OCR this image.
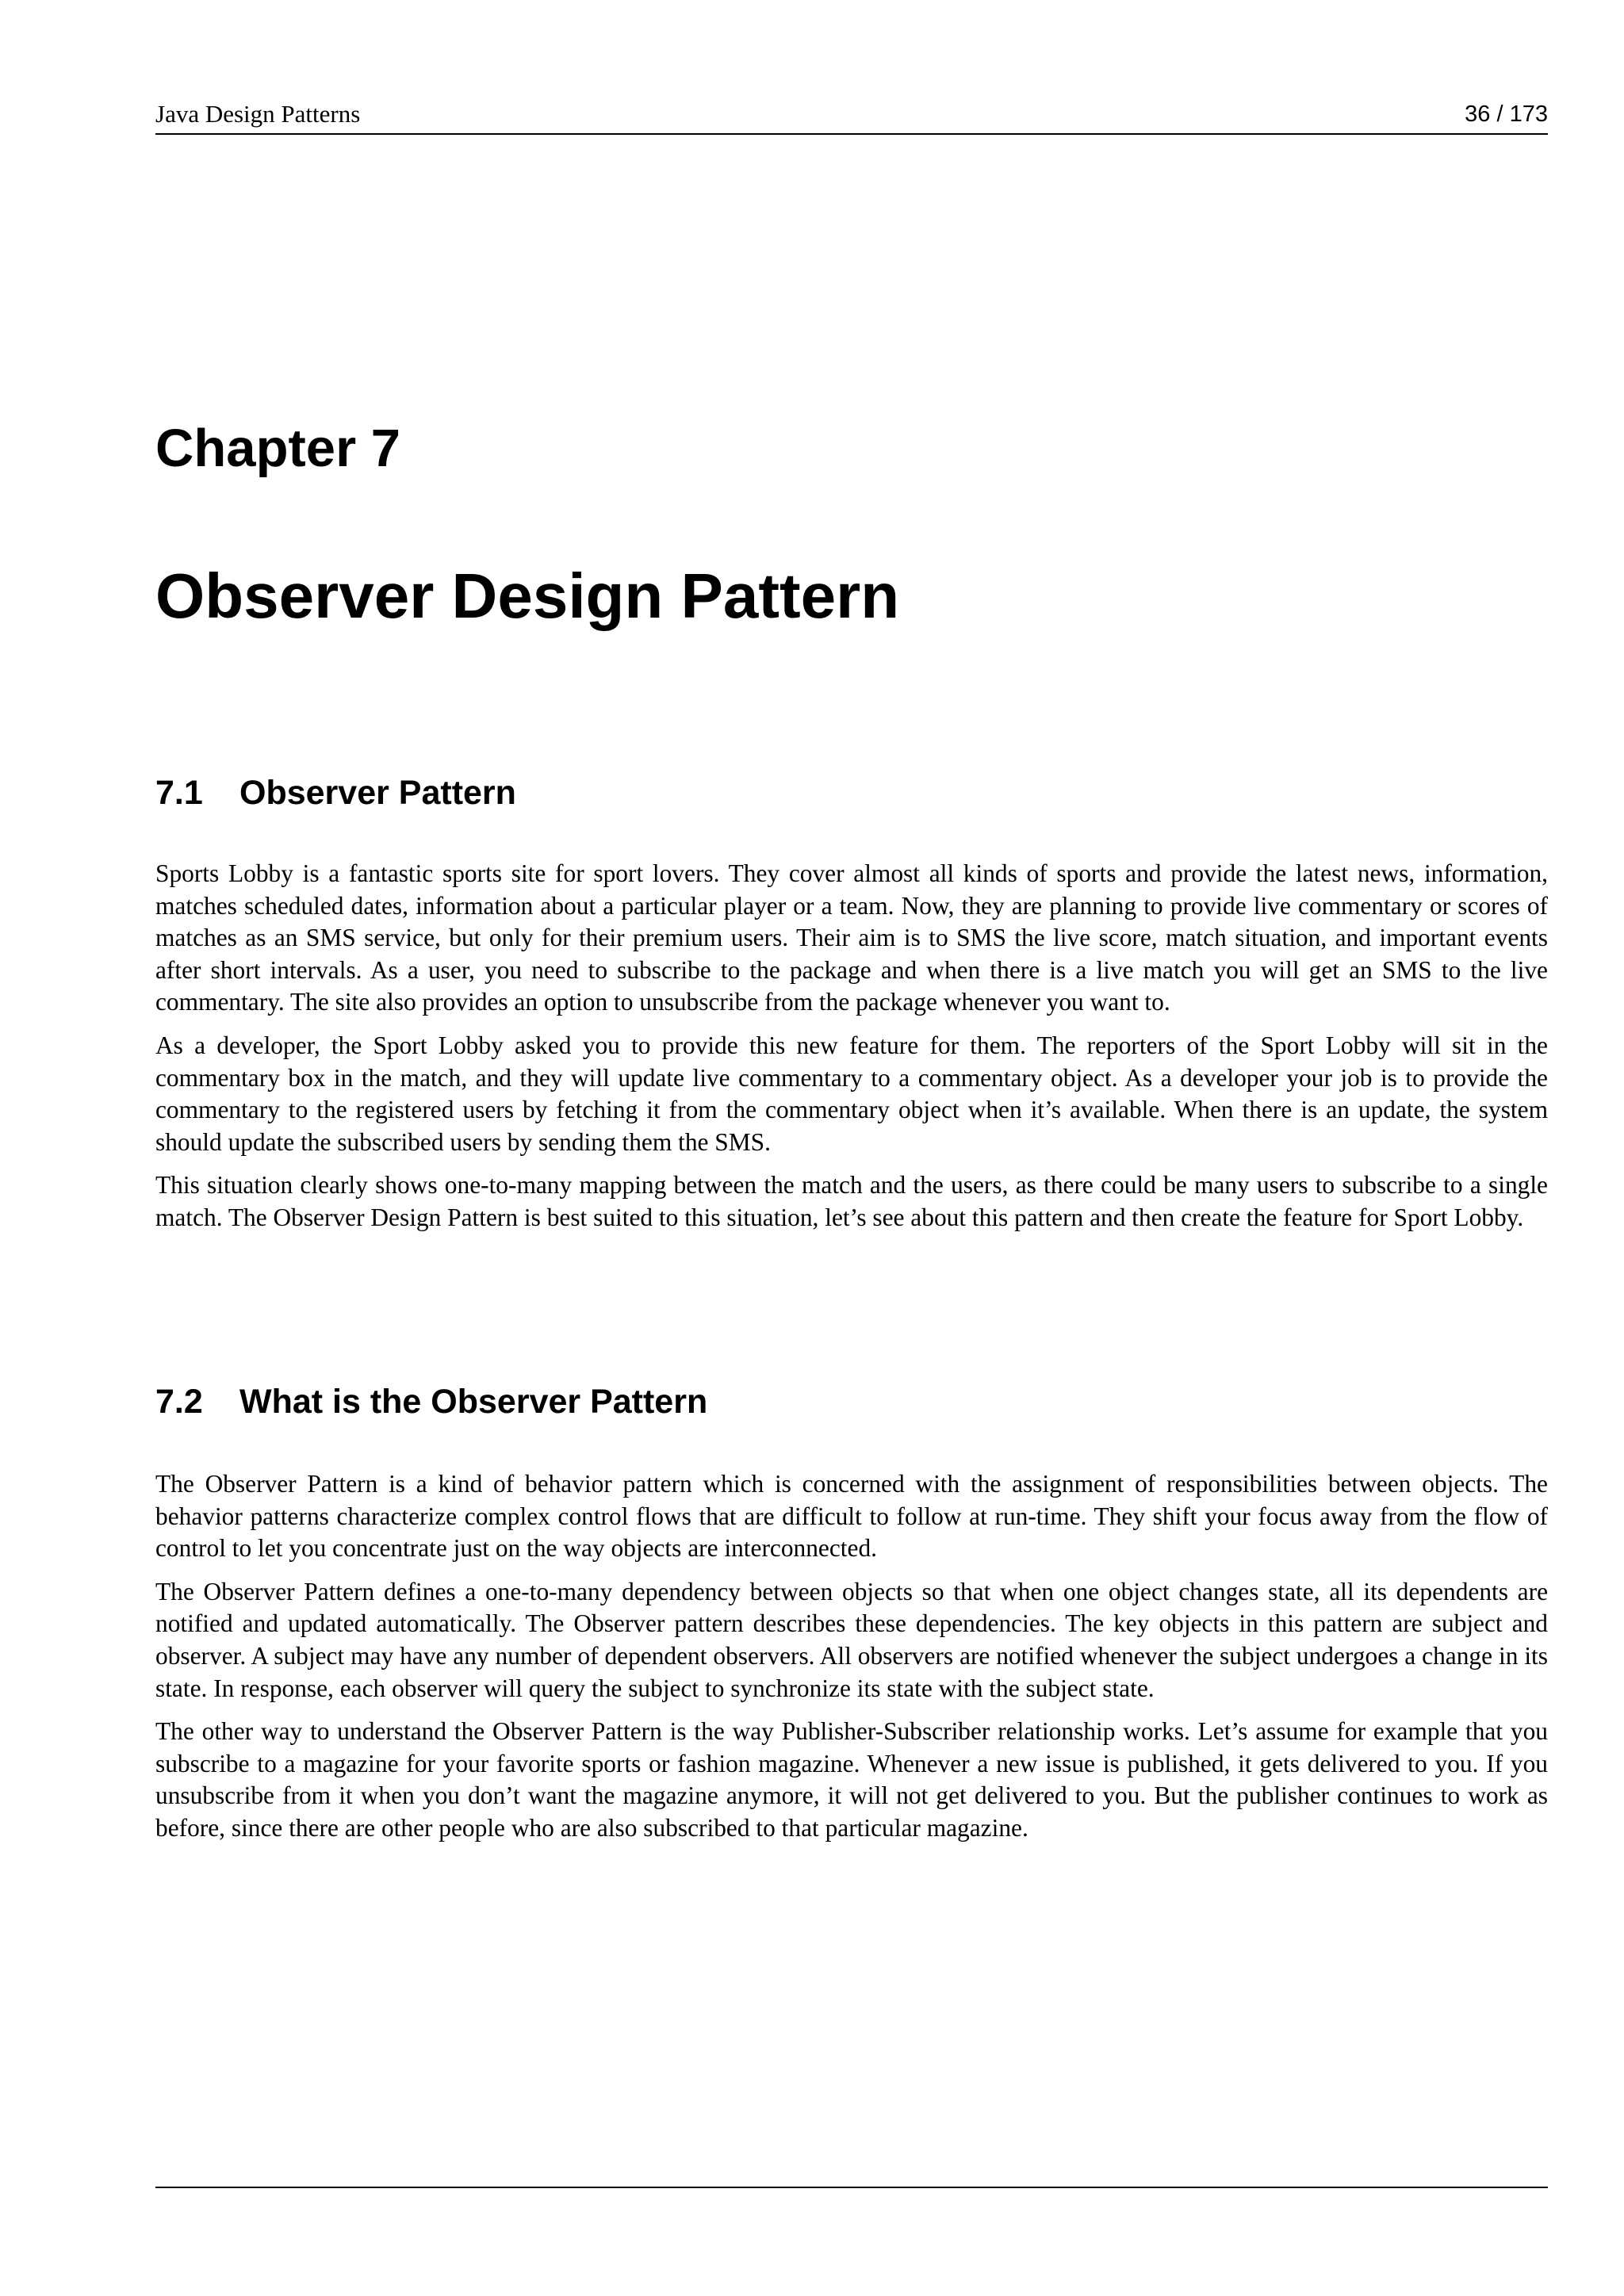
Java Design Patterns	36 / 173
Chapter 7
Observer Design Pattern
7.1 Observer Pattern

Sports Lobby is a fantastic sports site for sport lovers. They cover almost all kinds of sports and provide the latest news, information, matches scheduled dates, information about a particular player or a team. Now, they are planning to provide live commentary or scores of matches as an SMS service, but only for their premium users. Their aim is to SMS the live score, match situation, and important events after short intervals. As a user, you need to subscribe to the package and when there is a live match you will get an SMS to the live commentary. The site also provides an option to unsubscribe from the package whenever you want to.

As a developer, the Sport Lobby asked you to provide this new feature for them. The reporters of the Sport Lobby will sit in the commentary box in the match, and they will update live commentary to a commentary object. As a developer your job is to provide the commentary to the registered users by fetching it from the commentary object when it’s available. When there is an update, the system should update the subscribed users by sending them the SMS.

This situation clearly shows one-to-many mapping between the match and the users, as there could be many users to subscribe to a single match. The Observer Design Pattern is best suited to this situation, let’s see about this pattern and then create the feature for Sport Lobby.

7.2 What is the Observer Pattern

The Observer Pattern is a kind of behavior pattern which is concerned with the assignment of responsibilities between objects. The behavior patterns characterize complex control flows that are difficult to follow at run-time. They shift your focus away from the flow of control to let you concentrate just on the way objects are interconnected.

The Observer Pattern defines a one-to-many dependency between objects so that when one object changes state, all its dependents are notified and updated automatically. The Observer pattern describes these dependencies. The key objects in this pattern are subject and observer. A subject may have any number of dependent observers. All observers are notified whenever the subject undergoes a change in its state. In response, each observer will query the subject to synchronize its state with the subject state.

The other way to understand the Observer Pattern is the way Publisher-Subscriber relationship works. Let’s assume for example that you subscribe to a magazine for your favorite sports or fashion magazine. Whenever a new issue is published, it gets delivered to you. If you unsubscribe from it when you don’t want the magazine anymore, it will not get delivered to you. But the publisher continues to work as before, since there are other people who are also subscribed to that particular magazine.
